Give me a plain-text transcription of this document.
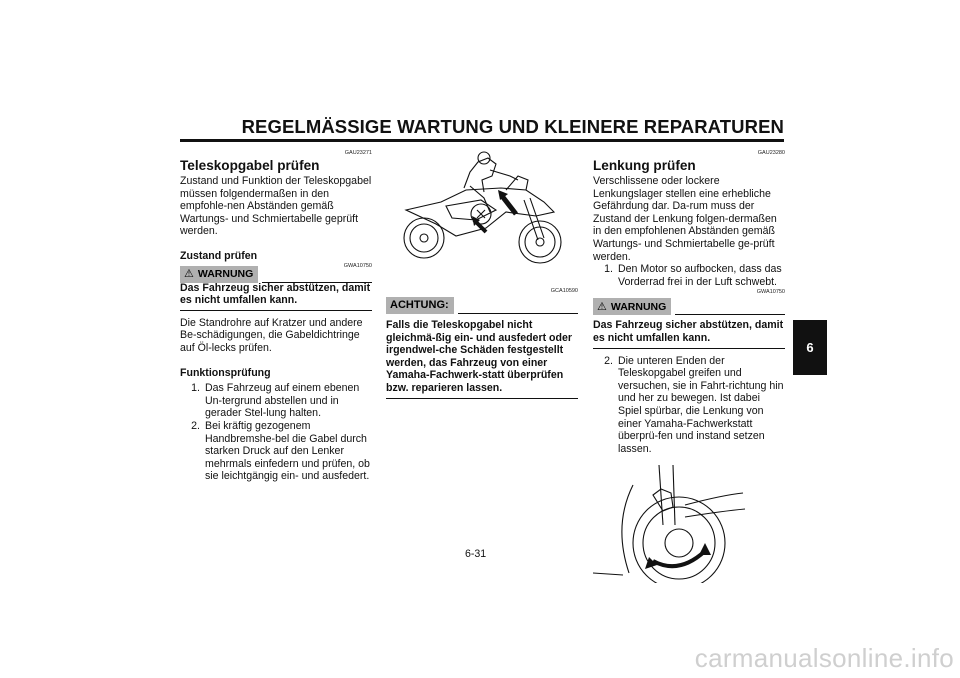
REGELMÄSSIGE WARTUNG UND KLEINERE REPARATUREN
GAU23271
Teleskopgabel prüfen

Zustand und Funktion der Teleskopgabel müssen folgendermaßen in den empfohle-nen Abständen gemäß Wartungs- und Schmiertabelle geprüft werden.

Zustand prüfen
⚠ WARNUNG
GWA10750

Das Fahrzeug sicher abstützen, damit es nicht umfallen kann.

Die Standrohre auf Kratzer und andere Be-schädigungen, die Gabeldichtringe auf Öl-lecks prüfen.

Funktionsprüfung
1. Das Fahrzeug auf einem ebenen Un-tergrund abstellen und in gerader Stel-lung halten.
2. Bei kräftig gezogenem Handbremshe-bel die Gabel durch starken Druck auf den Lenker mehrmals einfedern und prüfen, ob sie leichtgängig ein- und ausfedert.
GCA10590
ACHTUNG:

Falls die Teleskopgabel nicht gleichmä-ßig ein- und ausfedert oder irgendwel-che Schäden festgestellt werden, das Fahrzeug von einer Yamaha-Fachwerk-statt überprüfen bzw. reparieren lassen.

GAU23280
Lenkung prüfen

Verschlissene oder lockere Lenkungslager stellen eine erhebliche Gefährdung dar. Da-rum muss der Zustand der Lenkung folgen-dermaßen in den empfohlenen Abständen gemäß Wartungs- und Schmiertabelle ge-prüft werden.

1. Den Motor so aufbocken, dass das Vorderrad frei in der Luft schwebt.
GWA10750
⚠ WARNUNG

Das Fahrzeug sicher abstützen, damit es nicht umfallen kann.

2. Die unteren Enden der Teleskopgabel greifen und versuchen, sie in Fahrt-richtung hin und her zu bewegen. Ist dabei Spiel spürbar, die Lenkung von einer Yamaha-Fachwerkstatt überprü-fen und instand setzen lassen.
6
6-31
carmanualsonline.info
